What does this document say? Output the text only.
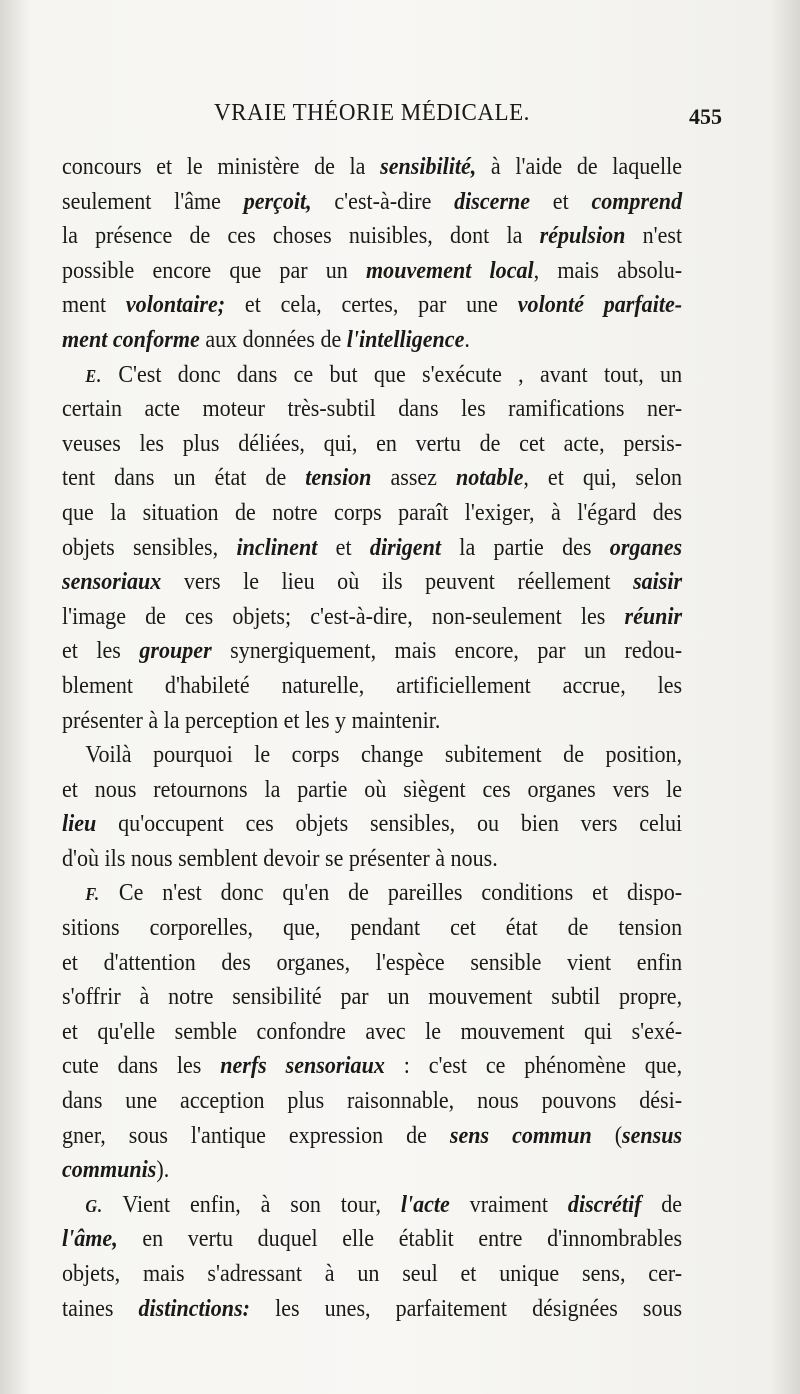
VRAIE THÉORIE MÉDICALE.	455
concours et le ministère de la sensibilité, à l'aide de laquelle
seulement l'âme perçoit, c'est-à-dire discerne et comprend
la présence de ces choses nuisibles, dont la répulsion n'est
possible encore que par un mouvement local, mais absolu-
ment volontaire; et cela, certes, par une volonté parfaite-
ment conforme aux données de l'intelligence.
E. C'est donc dans ce but que s'exécute , avant tout, un
certain acte moteur très-subtil dans les ramifications ner-
veuses les plus déliées, qui, en vertu de cet acte, persis-
tent dans un état de tension assez notable, et qui, selon
que la situation de notre corps paraît l'exiger, à l'égard des
objets sensibles, inclinent et dirigent la partie des organes
sensoriaux vers le lieu où ils peuvent réellement saisir
l'image de ces objets; c'est-à-dire, non-seulement les réunir
et les grouper synergiquement, mais encore, par un redou-
blement d'habileté naturelle, artificiellement accrue, les
présenter à la perception et les y maintenir.
Voilà pourquoi le corps change subitement de position,
et nous retournons la partie où siègent ces organes vers le
lieu qu'occupent ces objets sensibles, ou bien vers celui
d'où ils nous semblent devoir se présenter à nous.
F. Ce n'est donc qu'en de pareilles conditions et dispo-
sitions corporelles, que, pendant cet état de tension
et d'attention des organes, l'espèce sensible vient enfin
s'offrir à notre sensibilité par un mouvement subtil propre,
et qu'elle semble confondre avec le mouvement qui s'exé-
cute dans les nerfs sensoriaux : c'est ce phénomène que,
dans une acception plus raisonnable, nous pouvons dési-
gner, sous l'antique expression de sens commun (sensus
communis).
G. Vient enfin, à son tour, l'acte vraiment discrétif de
l'âme, en vertu duquel elle établit entre d'innombrables
objets, mais s'adressant à un seul et unique sens, cer-
taines distinctions: les unes, parfaitement désignées sous
